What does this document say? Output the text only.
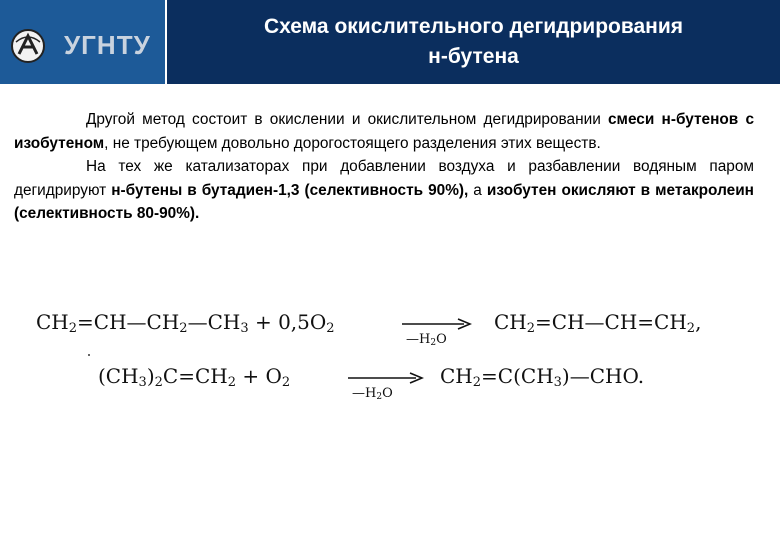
УГНТУ
Схема окислительного дегидрирования
н-бутена

Другой метод состоит в окислении и окислительном дегидрировании смеси н-бутенов с изобутеном, не требующем довольно дорогостоящего разделения этих веществ.

На тех же катализаторах при добавлении воздуха и разбавлении водяным паром дегидрируют н-бутены в бутадиен-1,3 (селективность 90%), а изобутен окисляют в метакролеин (селективность 80-90%).

$CH_2=CH—CH_2—CH_3 + 0,5O_2$
$—H_2O$
$CH_2=CH—CH=CH_2$,
$(CH_3)_2C=CH_2 + O_2$
$—H_2O$
$CH_2=C(CH_3)—CHO$.
